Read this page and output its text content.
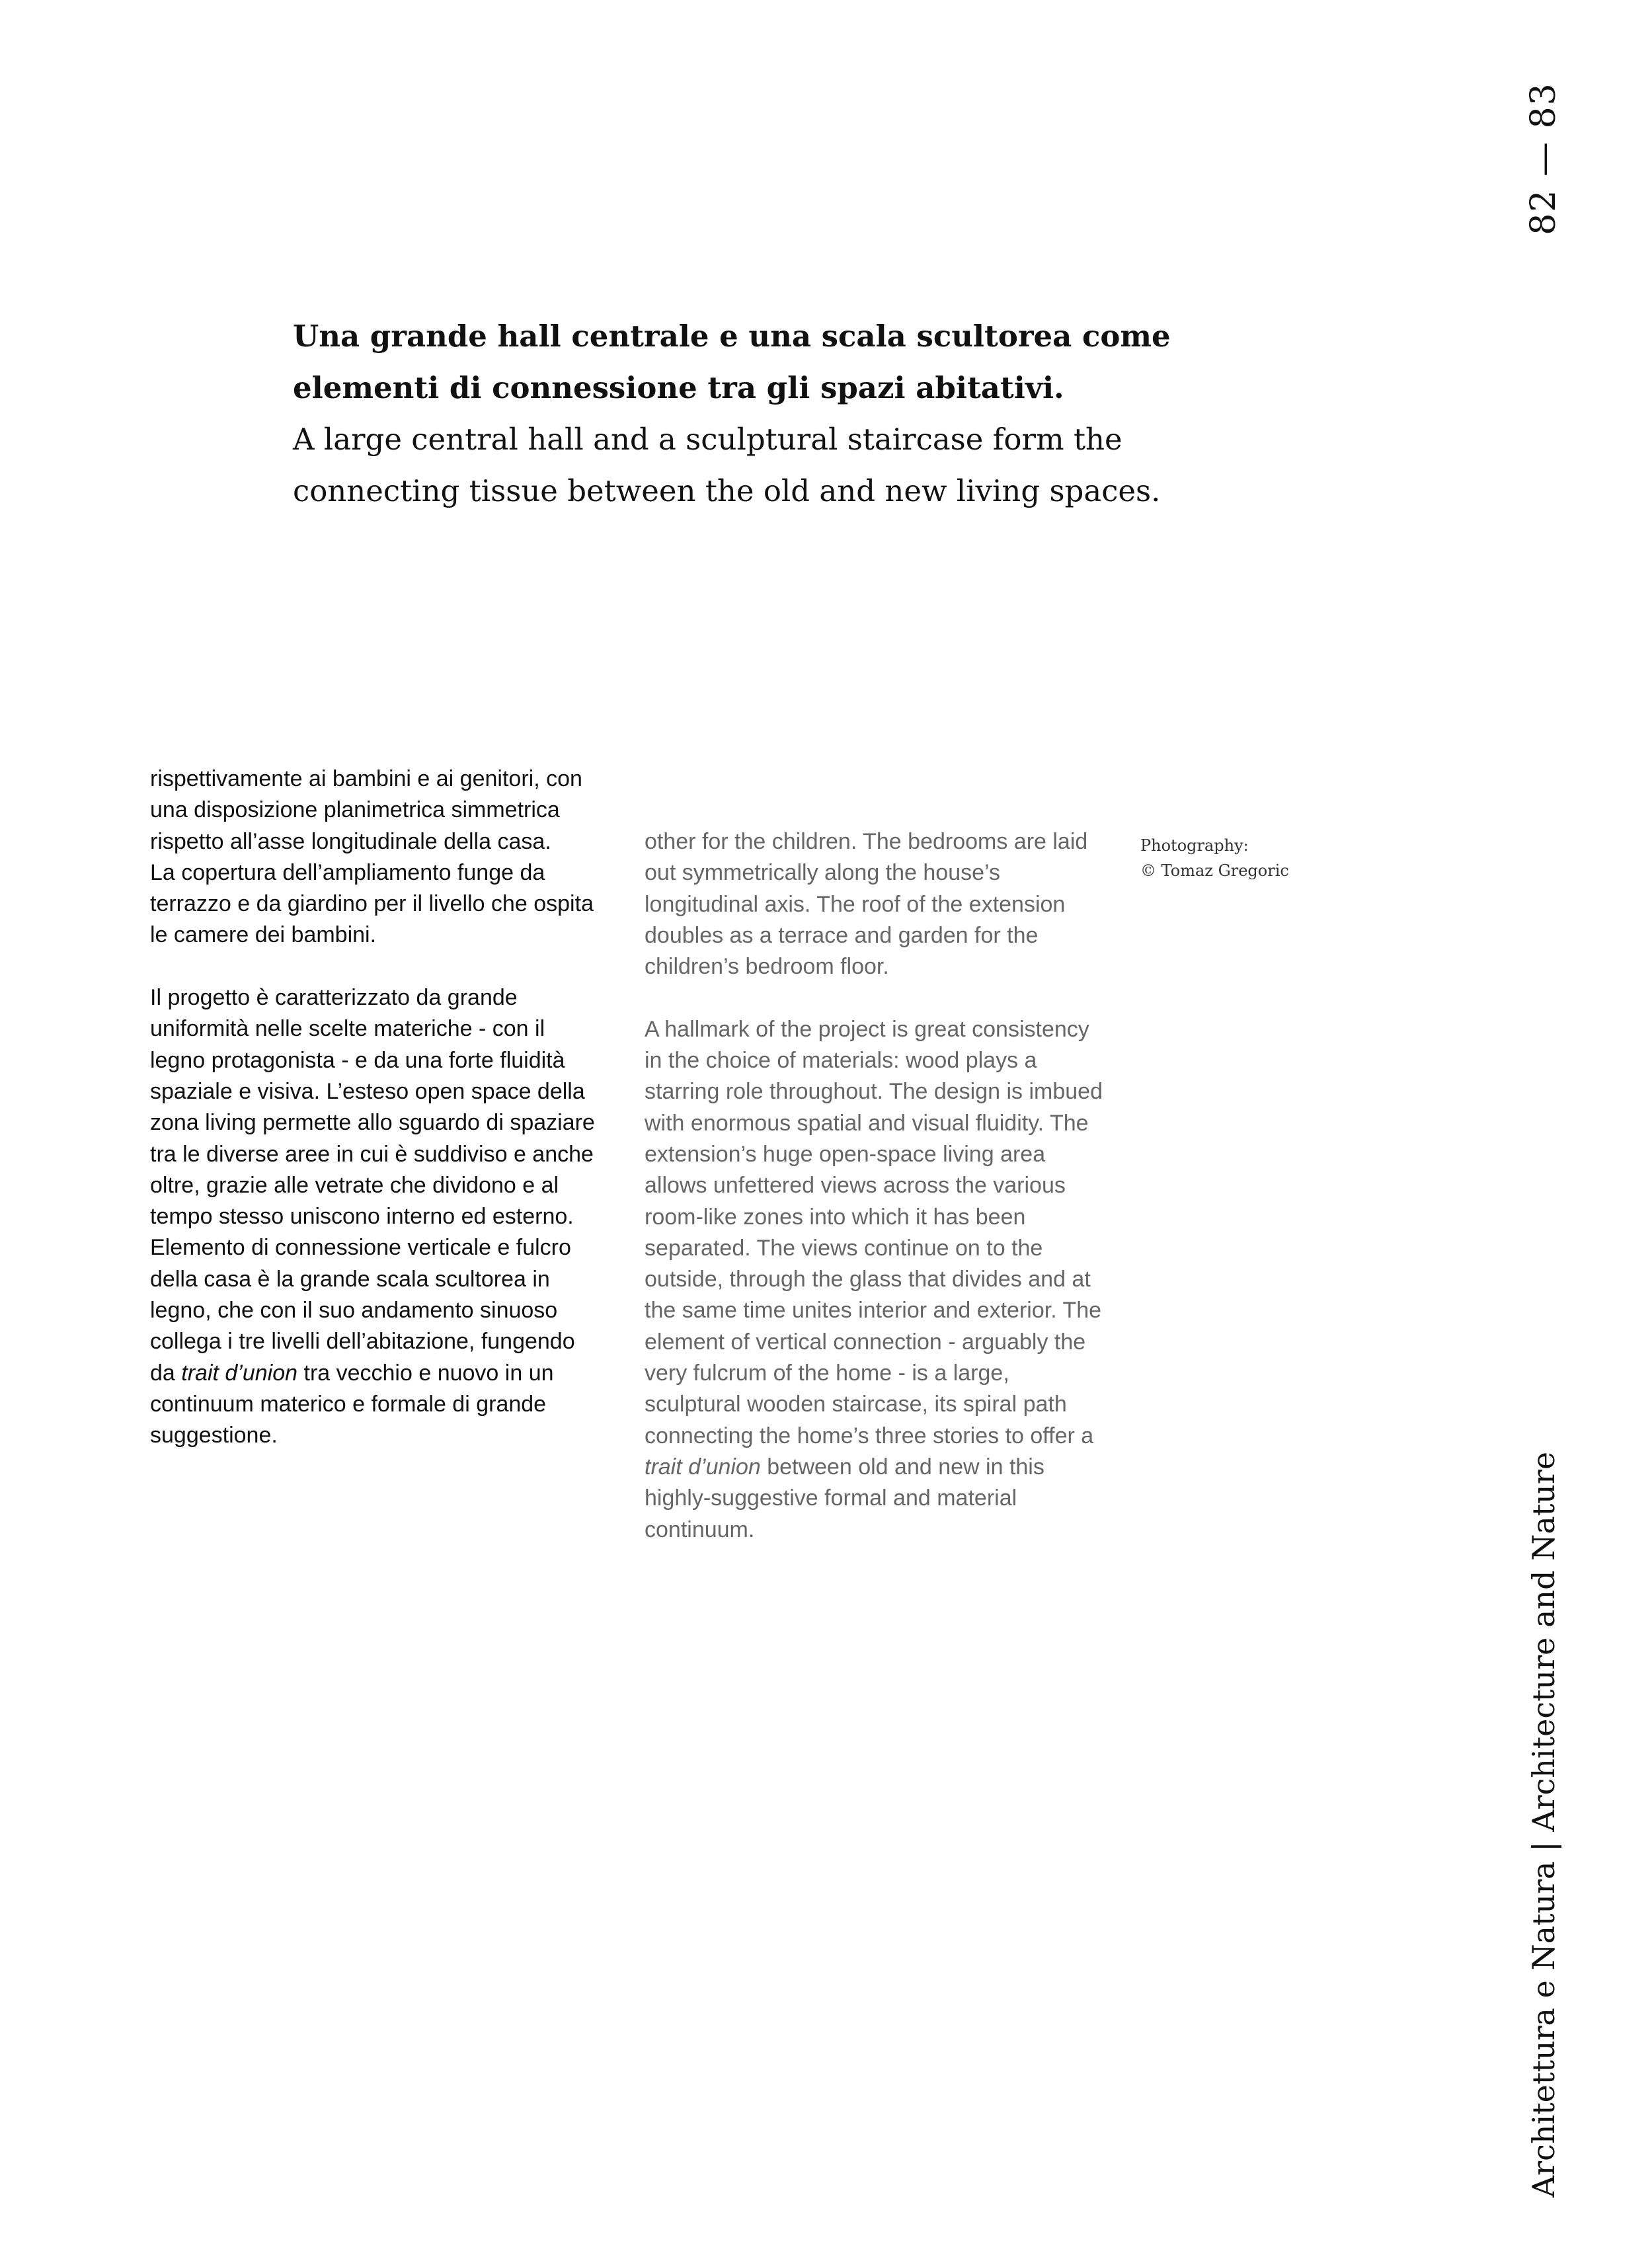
82 — 83

Una grande hall centrale e una scala scultorea come elementi di connessione tra gli spazi abitativi.

A large central hall and a sculptural staircase form the connecting tissue between the old and new living spaces.

rispettivamente ai bambini e ai genitori, con

una disposizione planimetrica simmetrica

rispetto all’asse longitudinale della casa.

La copertura dell’ampliamento funge da

terrazzo e da giardino per il livello che ospita

le camere dei bambini.

Il progetto è caratterizzato da grande

uniformità nelle scelte materiche - con il

legno protagonista - e da una forte fluidità

spaziale e visiva. L’esteso open space della

zona living permette allo sguardo di spaziare

tra le diverse aree in cui è suddiviso e anche

oltre, grazie alle vetrate che dividono e al

tempo stesso uniscono interno ed esterno.

Elemento di connessione verticale e fulcro

della casa è la grande scala scultorea in

legno, che con il suo andamento sinuoso

collega i tre livelli dell’abitazione, fungendo

da trait d’union tra vecchio e nuovo in un

continuum materico e formale di grande

suggestione.

other for the children. The bedrooms are laid

out symmetrically along the house’s

longitudinal axis. The roof of the extension

doubles as a terrace and garden for the

children’s bedroom floor.

A hallmark of the project is great consistency

in the choice of materials: wood plays a

starring role throughout. The design is imbued

with enormous spatial and visual fluidity. The

extension’s huge open-space living area

allows unfettered views across the various

room-like zones into which it has been

separated. The views continue on to the

outside, through the glass that divides and at

the same time unites interior and exterior. The

element of vertical connection - arguably the

very fulcrum of the home - is a large,

sculptural wooden staircase, its spiral path

connecting the home’s three stories to offer a

trait d’union between old and new in this

highly-suggestive formal and material

continuum.

Photography:

© Tomaz Gregoric

Architettura e Natura | Architecture and Nature
